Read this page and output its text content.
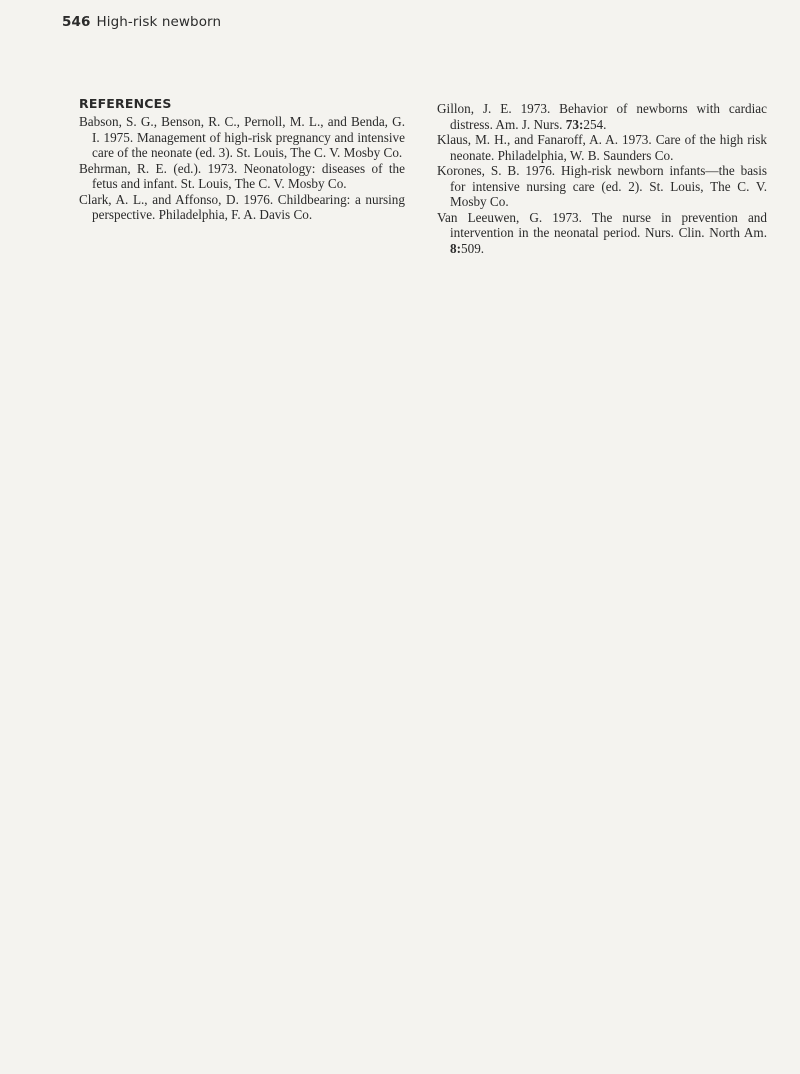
546 High-risk newborn
REFERENCES

Babson, S. G., Benson, R. C., Pernoll, M. L., and Benda, G. I. 1975. Management of high-risk pregnancy and intensive care of the neonate (ed. 3). St. Louis, The C. V. Mosby Co.

Behrman, R. E. (ed.). 1973. Neonatology: diseases of the fetus and infant. St. Louis, The C. V. Mosby Co.

Clark, A. L., and Affonso, D. 1976. Childbearing: a nursing perspective. Philadelphia, F. A. Davis Co.

Gillon, J. E. 1973. Behavior of newborns with cardiac distress. Am. J. Nurs. 73:254.

Klaus, M. H., and Fanaroff, A. A. 1973. Care of the high risk neonate. Philadelphia, W. B. Saunders Co.

Korones, S. B. 1976. High-risk newborn infants—the basis for intensive nursing care (ed. 2). St. Louis, The C. V. Mosby Co.

Van Leeuwen, G. 1973. The nurse in prevention and intervention in the neonatal period. Nurs. Clin. North Am. 8:509.
